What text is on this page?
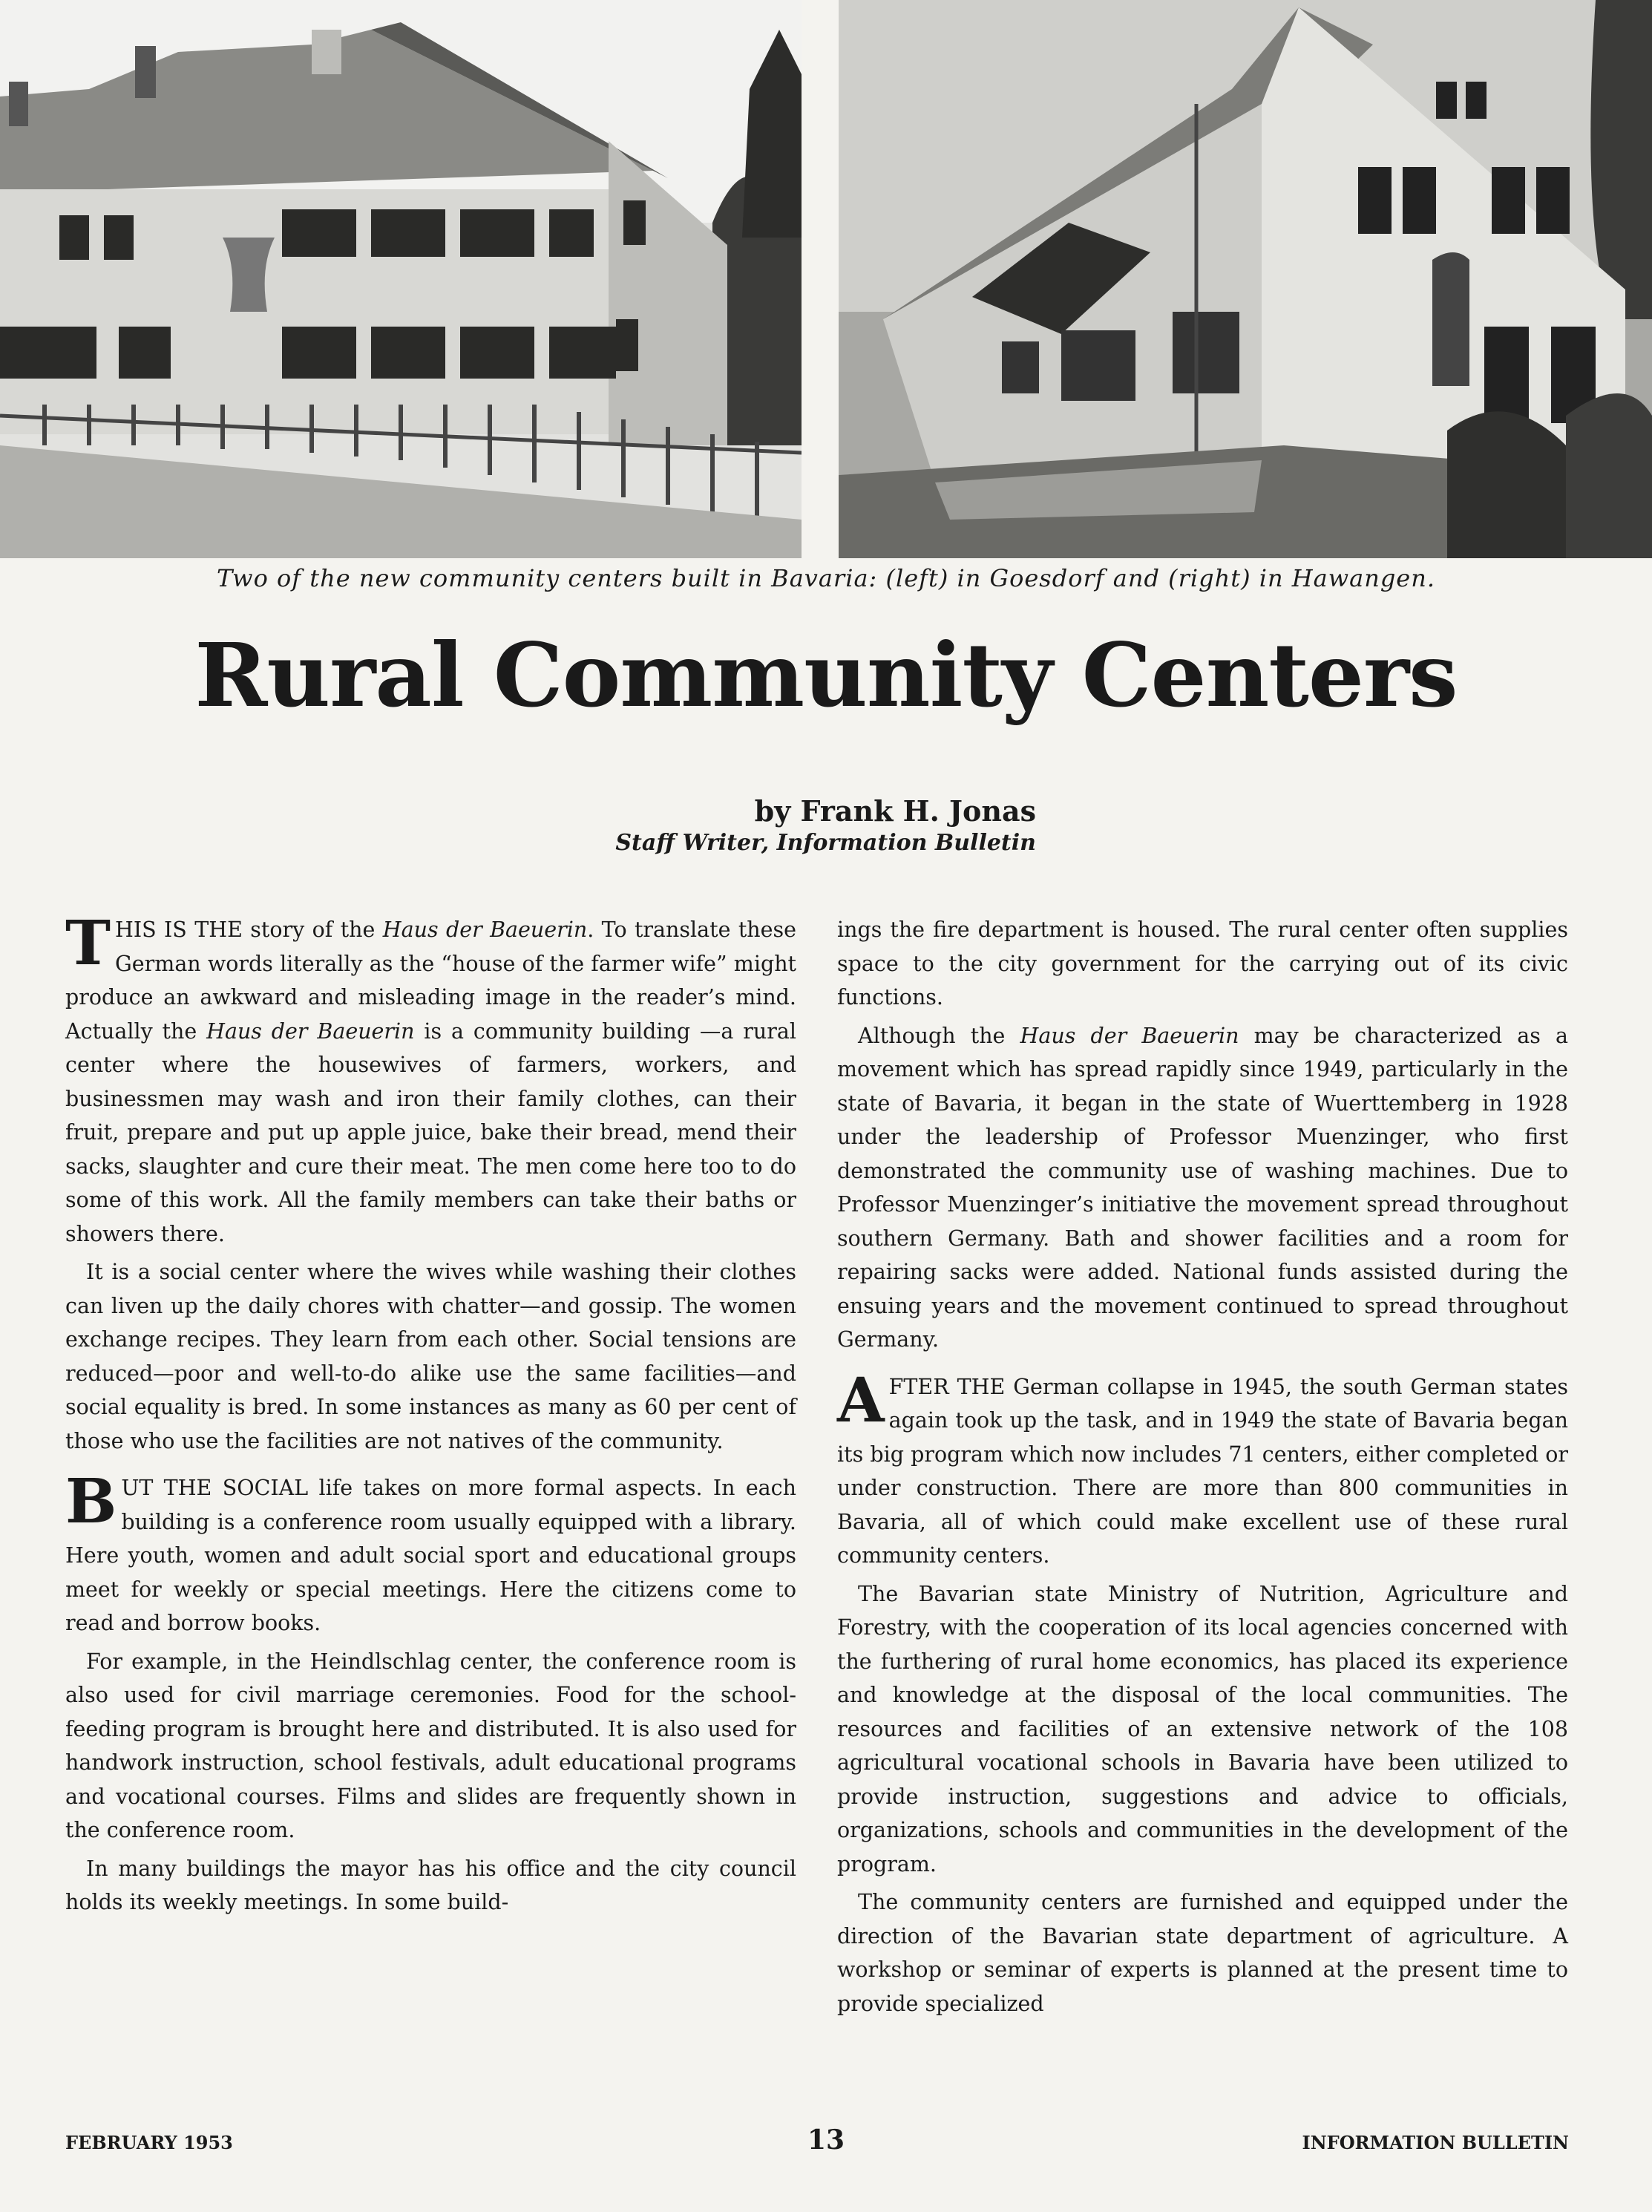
Two of the new community centers built in Bavaria: (left) in Goesdorf and (right) in Hawangen.
Rural Community Centers
by Frank H. Jonas
Staff Writer, Information Bulletin

THIS IS THE story of the Haus der Baeuerin. To translate these German words literally as the “house of the farmer wife” might produce an awkward and misleading image in the reader’s mind. Actually the Haus der Baeuerin is a community building —a rural center where the housewives of farmers, workers, and businessmen may wash and iron their family clothes, can their fruit, prepare and put up apple juice, bake their bread, mend their sacks, slaughter and cure their meat. The men come here too to do some of this work. All the family members can take their baths or showers there.

It is a social center where the wives while washing their clothes can liven up the daily chores with chatter—and gossip. The women exchange recipes. They learn from each other. Social tensions are reduced—poor and well-to-do alike use the same facilities—and social equality is bred. In some instances as many as 60 per cent of those who use the facilities are not natives of the community.

BUT THE SOCIAL life takes on more formal aspects. In each building is a conference room usually equipped with a library. Here youth, women and adult social sport and educational groups meet for weekly or special meetings. Here the citizens come to read and borrow books.

For example, in the Heindlschlag center, the conference room is also used for civil marriage ceremonies. Food for the school-feeding program is brought here and distributed. It is also used for handwork instruction, school festivals, adult educational programs and vocational courses. Films and slides are frequently shown in the conference room.

In many buildings the mayor has his office and the city council holds its weekly meetings. In some build-

ings the fire department is housed. The rural center often supplies space to the city government for the carrying out of its civic functions.

Although the Haus der Baeuerin may be characterized as a movement which has spread rapidly since 1949, particularly in the state of Bavaria, it began in the state of Wuerttemberg in 1928 under the leadership of Professor Muenzinger, who first demonstrated the community use of washing machines. Due to Professor Muenzinger’s initiative the movement spread throughout southern Germany. Bath and shower facilities and a room for repairing sacks were added. National funds assisted during the ensuing years and the movement continued to spread throughout Germany.

AFTER THE German collapse in 1945, the south German states again took up the task, and in 1949 the state of Bavaria began its big program which now includes 71 centers, either completed or under construction. There are more than 800 communities in Bavaria, all of which could make excellent use of these rural community centers.

The Bavarian state Ministry of Nutrition, Agriculture and Forestry, with the cooperation of its local agencies concerned with the furthering of rural home economics, has placed its experience and knowledge at the disposal of the local communities. The resources and facilities of an extensive network of the 108 agricultural vocational schools in Bavaria have been utilized to provide instruction, suggestions and advice to officials, organizations, schools and communities in the development of the program.

The community centers are furnished and equipped under the direction of the Bavarian state department of agriculture. A workshop or seminar of experts is planned at the present time to provide specialized

FEBRUARY 1953	13	INFORMATION BULLETIN
